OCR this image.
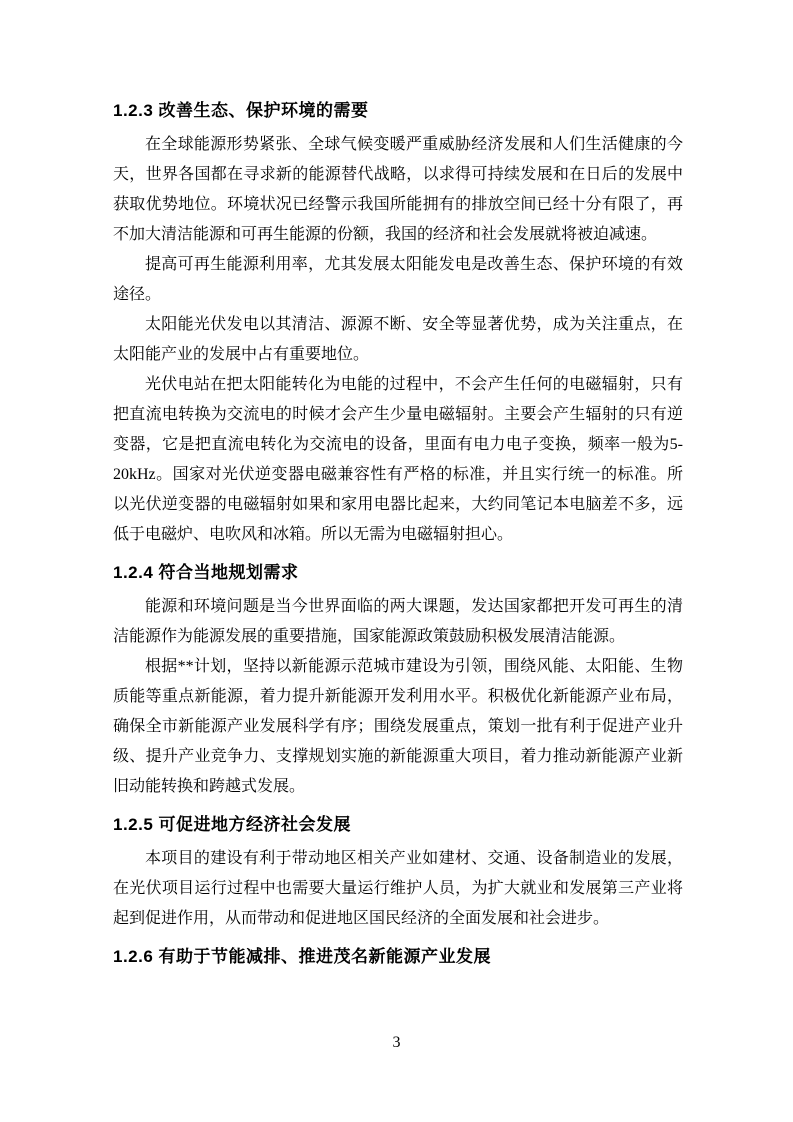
1.2.3 改善生态、保护环境的需要

在全球能源形势紧张、全球气候变暖严重威胁经济发展和人们生活健康的今天，世界各国都在寻求新的能源替代战略，以求得可持续发展和在日后的发展中获取优势地位。环境状况已经警示我国所能拥有的排放空间已经十分有限了，再不加大清洁能源和可再生能源的份额，我国的经济和社会发展就将被迫减速。

提高可再生能源利用率，尤其发展太阳能发电是改善生态、保护环境的有效途径。

太阳能光伏发电以其清洁、源源不断、安全等显著优势，成为关注重点，在太阳能产业的发展中占有重要地位。

光伏电站在把太阳能转化为电能的过程中，不会产生任何的电磁辐射，只有把直流电转换为交流电的时候才会产生少量电磁辐射。主要会产生辐射的只有逆变器，它是把直流电转化为交流电的设备，里面有电力电子变换，频率一般为5-20kHz。国家对光伏逆变器电磁兼容性有严格的标准，并且实行统一的标准。所以光伏逆变器的电磁辐射如果和家用电器比起来，大约同笔记本电脑差不多，远低于电磁炉、电吹风和冰箱。所以无需为电磁辐射担心。

1.2.4 符合当地规划需求

能源和环境问题是当今世界面临的两大课题，发达国家都把开发可再生的清洁能源作为能源发展的重要措施，国家能源政策鼓励积极发展清洁能源。

根据**计划，坚持以新能源示范城市建设为引领，围绕风能、太阳能、生物质能等重点新能源，着力提升新能源开发利用水平。积极优化新能源产业布局，确保全市新能源产业发展科学有序；围绕发展重点，策划一批有利于促进产业升级、提升产业竞争力、支撑规划实施的新能源重大项目，着力推动新能源产业新旧动能转换和跨越式发展。

1.2.5 可促进地方经济社会发展

本项目的建设有利于带动地区相关产业如建材、交通、设备制造业的发展，在光伏项目运行过程中也需要大量运行维护人员，为扩大就业和发展第三产业将起到促进作用，从而带动和促进地区国民经济的全面发展和社会进步。

1.2.6 有助于节能减排、推进茂名新能源产业发展
3
